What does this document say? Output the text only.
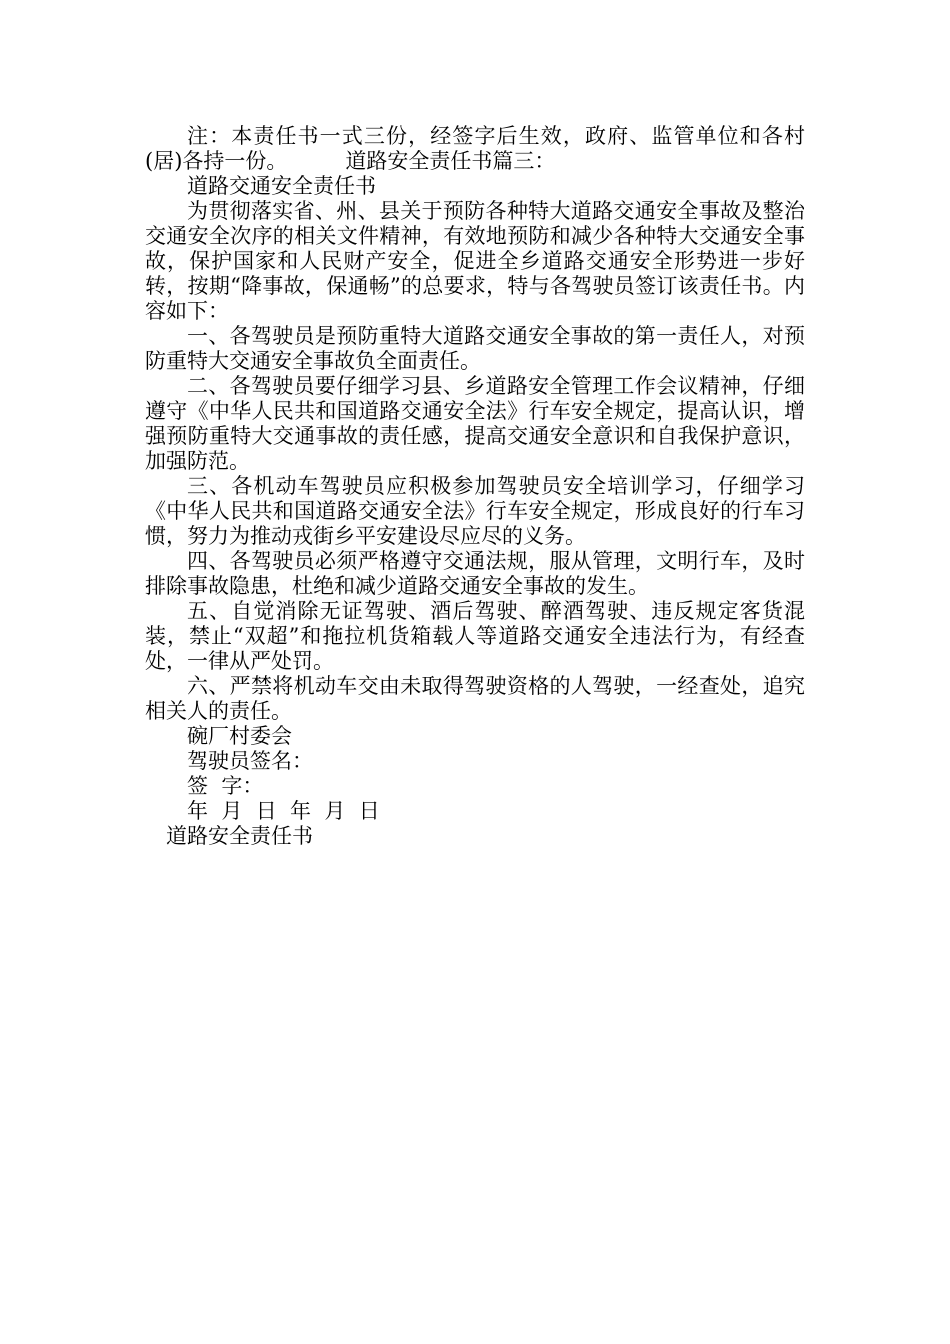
注：本责任书一式三份，经签字后生效，政府、监管单位和各村(居)各持一份。	道路安全责任书篇三：

道路交通安全责任书

为贯彻落实省、州、县关于预防各种特大道路交通安全事故及整治交通安全次序的相关文件精神，有效地预防和减少各种特大交通安全事故，保护国家和人民财产安全，促进全乡道路交通安全形势进一步好转，按期“降事故，保通畅”的总要求，特与各驾驶员签订该责任书。内容如下：

一、各驾驶员是预防重特大道路交通安全事故的第一责任人，对预防重特大交通安全事故负全面责任。

二、各驾驶员要仔细学习县、乡道路安全管理工作会议精神，仔细遵守《中华人民共和国道路交通安全法》行车安全规定，提高认识，增强预防重特大交通事故的责任感，提高交通安全意识和自我保护意识，加强防范。

三、各机动车驾驶员应积极参加驾驶员安全培训学习，仔细学习《中华人民共和国道路交通安全法》行车安全规定，形成良好的行车习惯，努力为推动戎街乡平安建设尽应尽的义务。

四、各驾驶员必须严格遵守交通法规，服从管理，文明行车，及时排除事故隐患，杜绝和减少道路交通安全事故的发生。

五、自觉消除无证驾驶、酒后驾驶、醉酒驾驶、违反规定客货混装，禁止“双超”和拖拉机货箱载人等道路交通安全违法行为，有经查处，一律从严处罚。

六、严禁将机动车交由未取得驾驶资格的人驾驶，一经查处，追究相关人的责任。

碗厂村委会

驾驶员签名：

签  字：

年  月  日  年  月  日

道路安全责任书
